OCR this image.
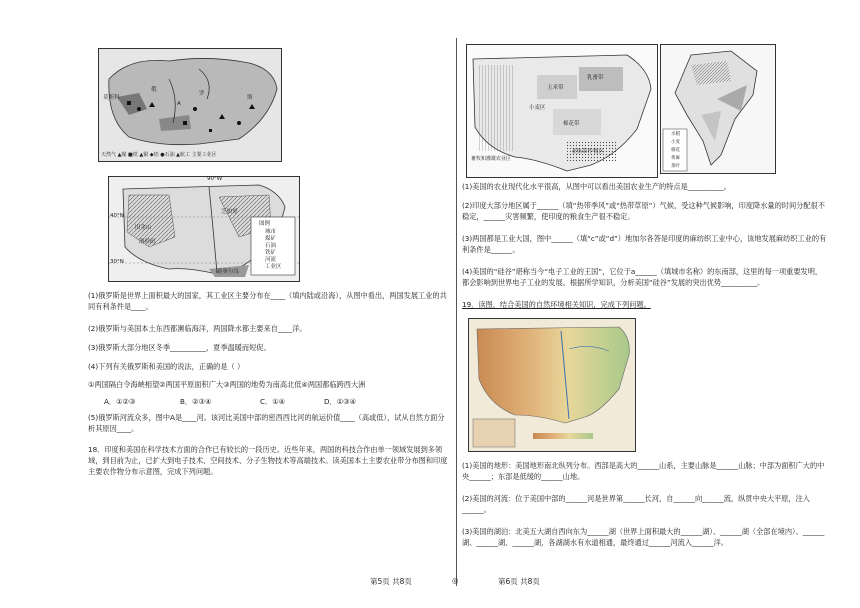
俄
罗
斯
莫斯科
A
天然气 ▲煤 ■铁 ▲铜 ◆铝 ●石油 ▲航工 主要工业区
90°W
40°N
30°N
旧金山
洛杉矶
芝加哥
新奥尔良
图例
城市
煤矿
石油
铁矿
河流
工业区
(1)俄罗斯是世界上面积最大的国家，其工业区主要分布在____（填内陆或沿海），从图中看出，两国发展工业的共同有利条件是____。
(2)俄罗斯与美国本土东西都濒临海洋，两国降水都主要来自____洋。
(3)俄罗斯大部分地区冬季__________，夏季温暖而短促。
(4)下列有关俄罗斯和美国的说法，正确的是（ ）
①两国隔白令海峡相望②两国平原面积广大③两国的地势为南高北低④两国都临跨西大洲
A．①②③	B．②③④	C．①④	D．①③④
(5)俄罗斯河流众多，图中A是____河。该河比美国中部的密西西比河的航运价值____（高或低），试从自然方面分析其原因____。
18．印度和美国在科学技术方面的合作已有较长的一段历史。近些年来，两国的科技合作由单一领域发展到多领域，到目前为止，已扩大到电子技术、空间技术、分子生物技术等高端技术。读美国本土主要农业带分布图和印度主要农作物分布示意图，完成下列问题。
第5页 共8页	◎
乳畜带
玉米带
小麦区
棉花带
亚热带作物区
畜牧和灌溉农业区
水稻
小麦
棉花
黄麻
茶叶
(1)美国的农业现代化水平很高，从图中可以看出美国农业生产的特点是__________。
(2)印度大部分地区属于______（填“热带季风”或“热带草原”）气候，受这种气候影响，印度降水量的时间分配很不稳定，______灾害频繁，使印度的粮食生产很不稳定。
(3)两国都是工业大国，图中______（填“c”或“d”）地加尔各答是印度的麻纺织工业中心，该地发展麻纺织工业的有利条件是______。
(4)美国的“硅谷”堪称当今“电子工业的王国”，它位于a______（填城市名称）的东南部，这里的每一项重要发明，都会影响到世界电子工业的发展。根据所学知识，分析美国“硅谷”发展的突出优势__________。
19．读图，结合美国的自然环境相关知识，完成下列问题。
(1)美国的地形：美国地形南北纵列分布。西部是高大的______山系，主要山脉是______山脉；中部为面积广大的中央______；东部是低缓的______山地。
(2)美国的河流：位于美国中部的______河是世界第______长河，自______向______流，纵贯中央大平原，注入______。
(3)美国的湖泊：北美五大湖自西向东为______湖（世界上面积最大的______湖）、______湖（全部在境内）、______湖、______湖、______湖，各湖湖水有水道相通，最终通过______河流入______洋。
第6页 共8页
